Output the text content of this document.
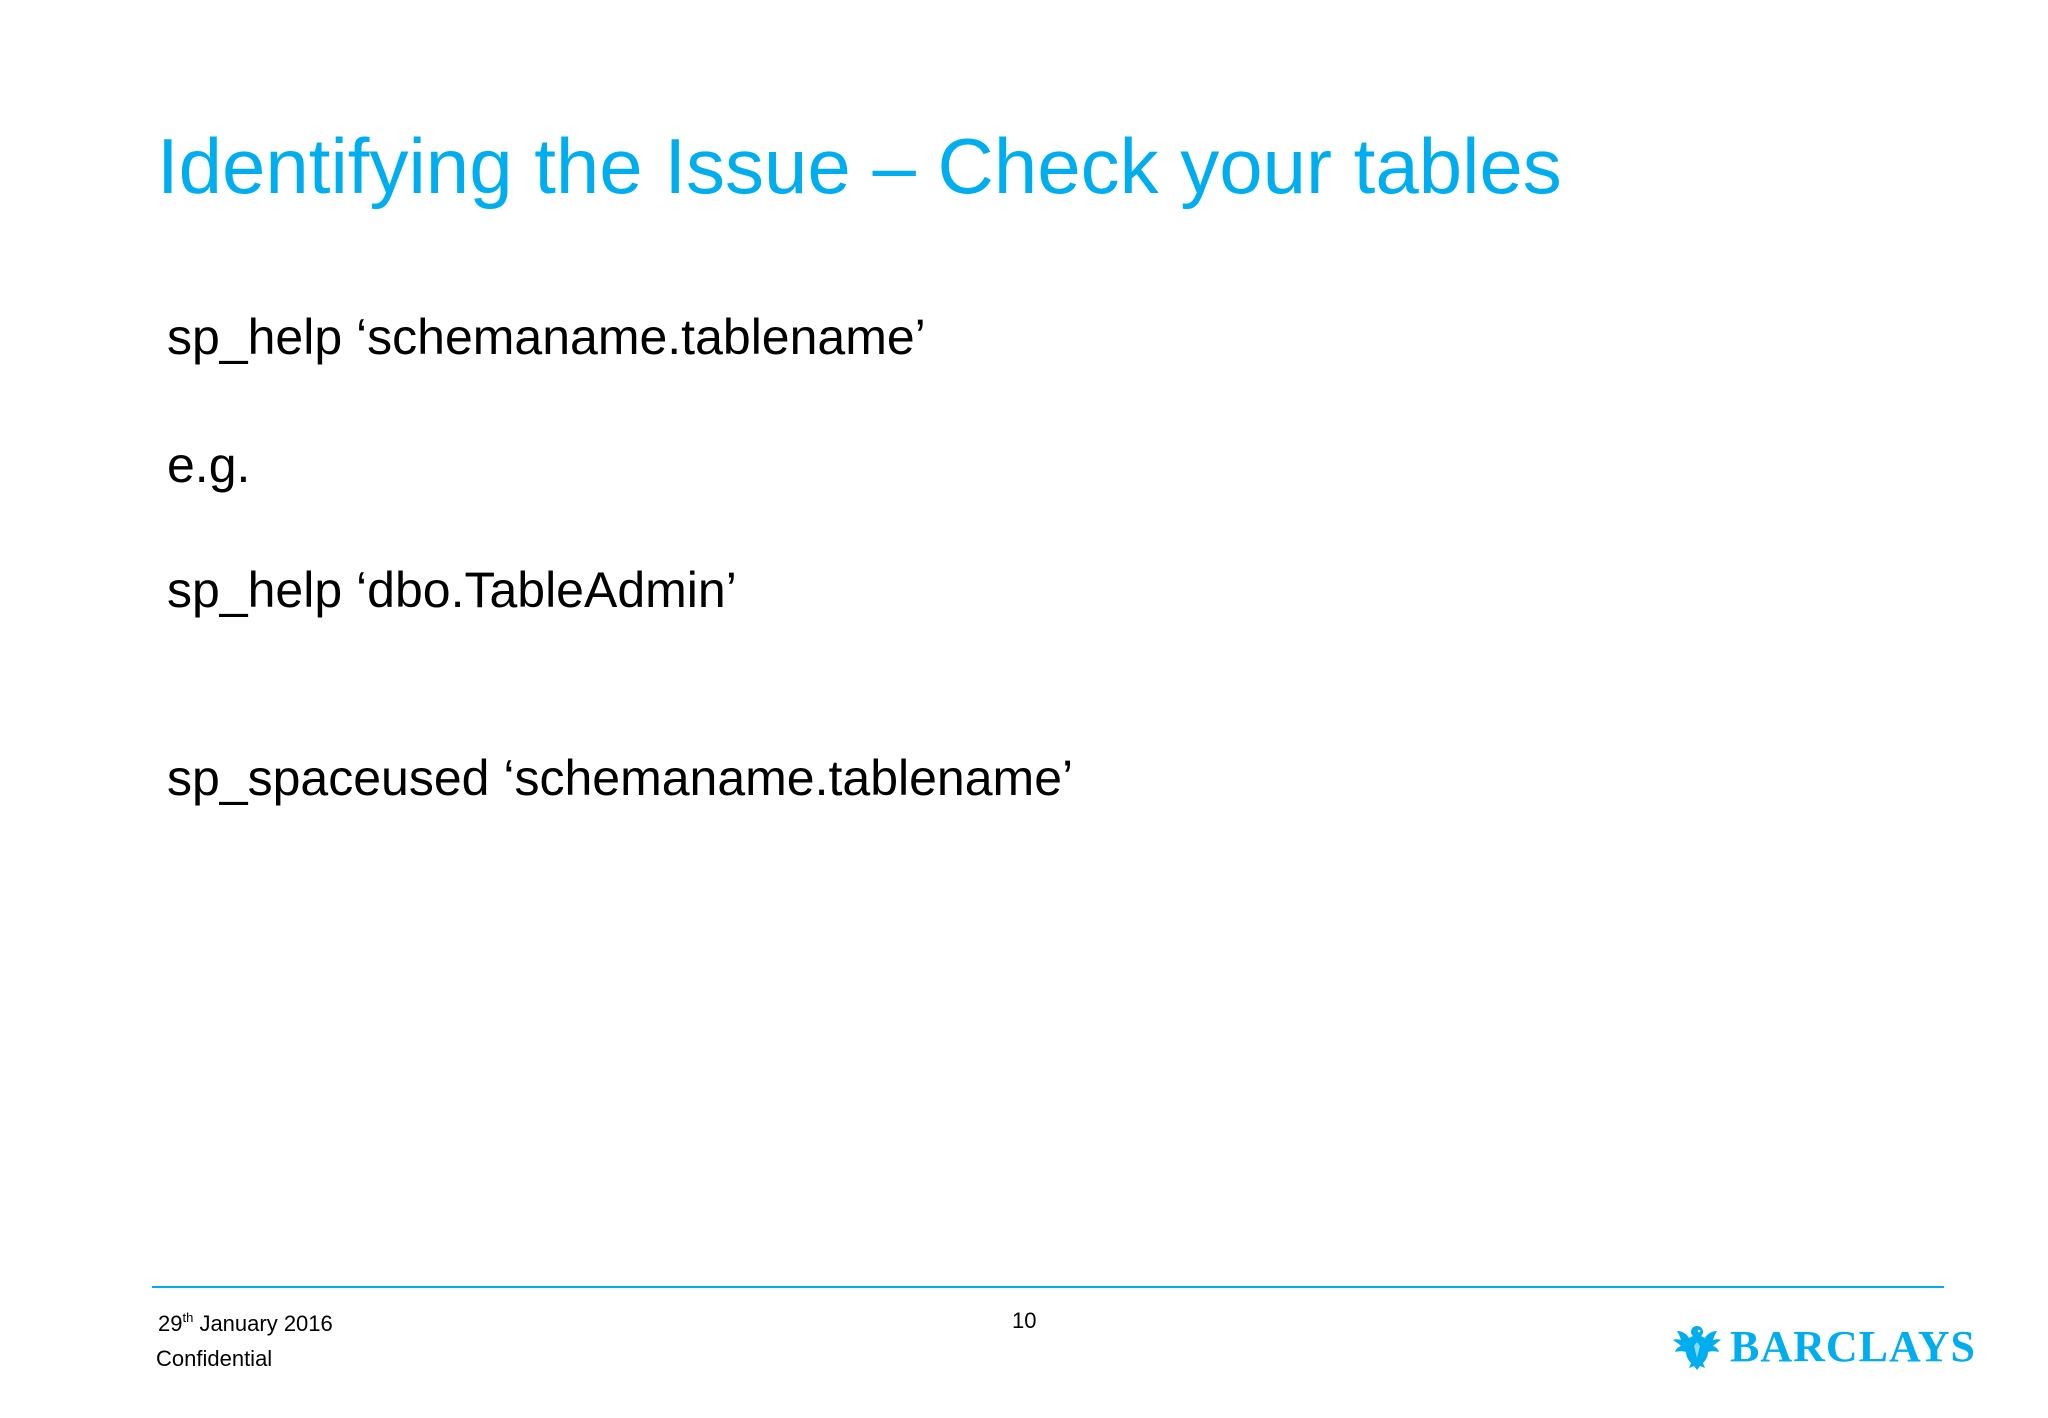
Identifying the Issue – Check your tables

sp_help ‘schemaname.tablename’

e.g.

sp_help ‘dbo.TableAdmin’

sp_spaceused ‘schemaname.tablename’

29th January 2016
Confidential
10
BARCLAYS
